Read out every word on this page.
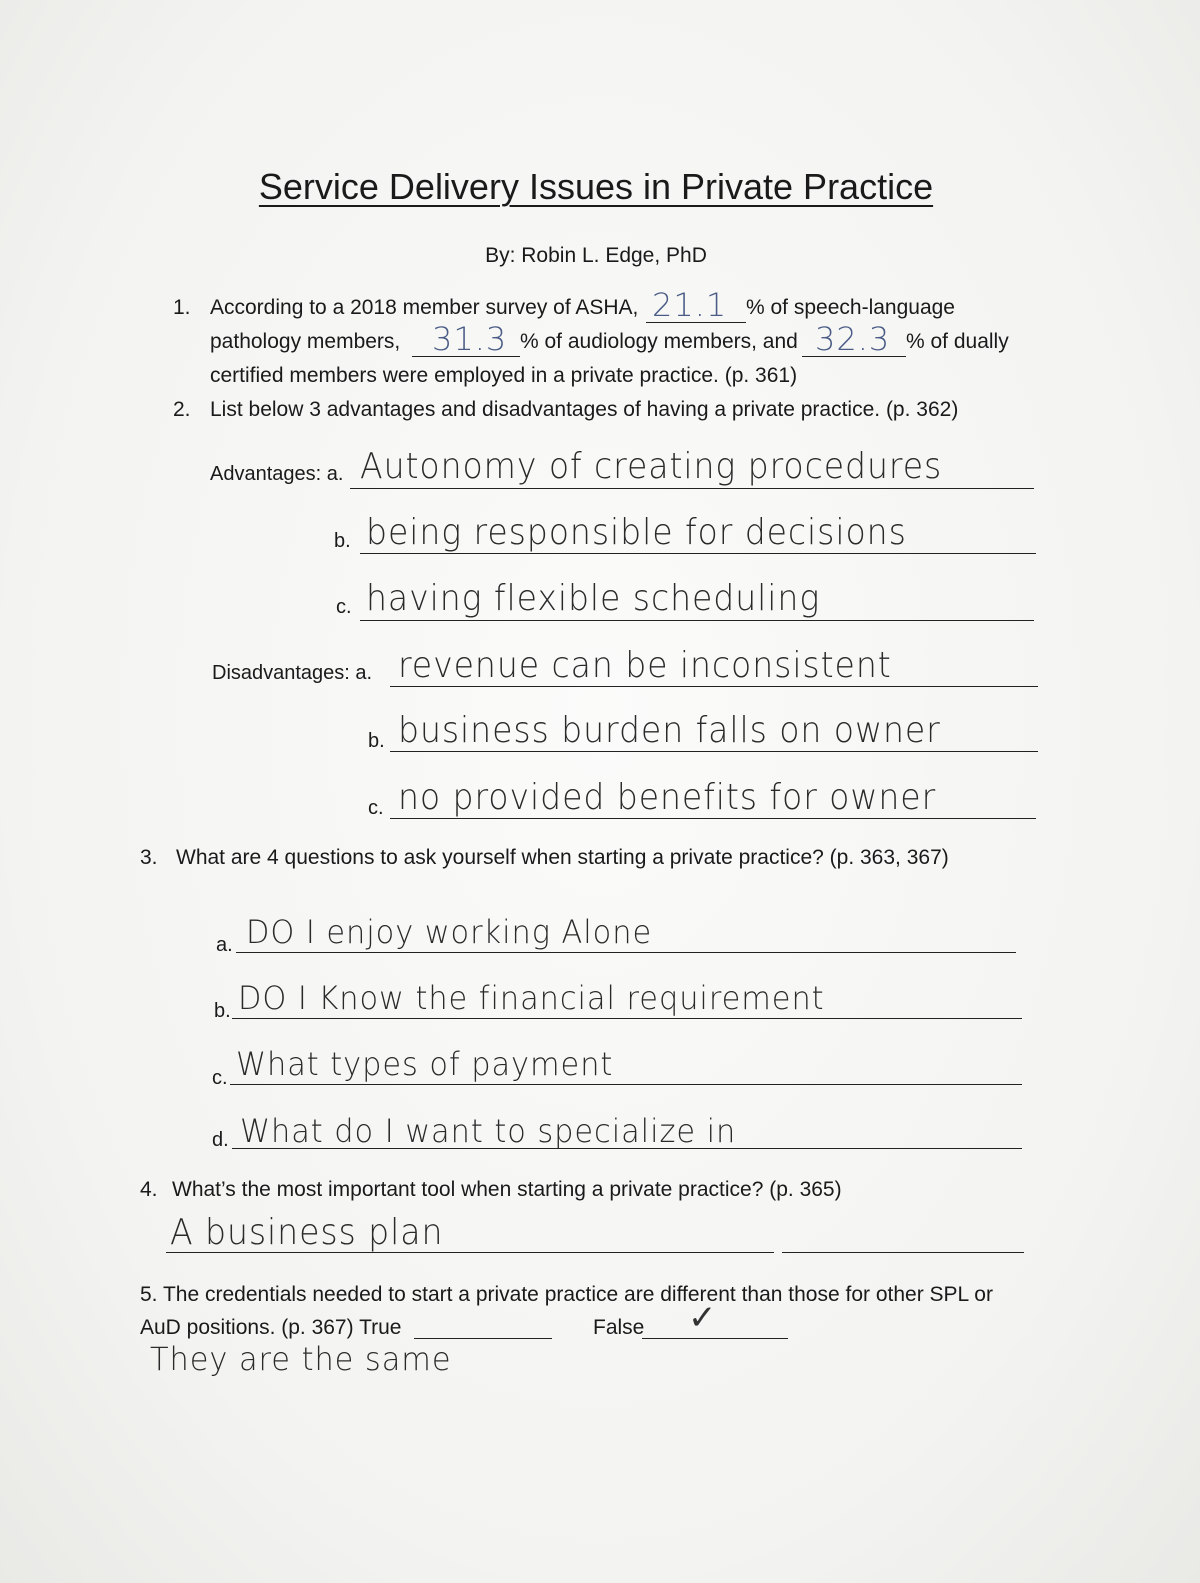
Service Delivery Issues in Private Practice
By: Robin L. Edge, PhD
1. According to a 2018 member survey of ASHA, 21.1 % of speech-language
pathology members, 31.3 % of audiology members, and 32.3 % of dually
certified members were employed in a private practice. (p. 361)
2. List below 3 advantages and disadvantages of having a private practice. (p. 362)
Advantages: a. Autonomy of creating procedures
b. being responsible for decisions
c. having flexible scheduling
Disadvantages: a. revenue can be inconsistent
b. business burden falls on owner
c. no provided benefits for owner
3. What are 4 questions to ask yourself when starting a private practice? (p. 363, 367)
a. DO I enjoy working Alone
b. DO I Know the financial requirement
c. What types of payment
d. What do I want to specialize in
4. What’s the most important tool when starting a private practice? (p. 365)
A business plan
5. The credentials needed to start a private practice are different than those for other SPL or
AuD positions. (p. 367) True	False ✓
They are the same
